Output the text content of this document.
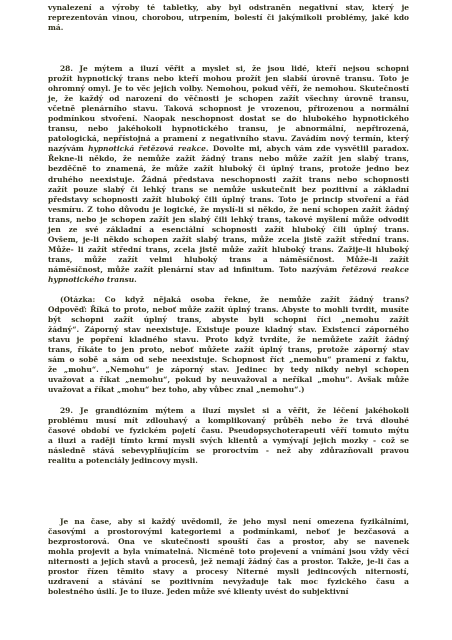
vynalezení a výroby té tabletky, aby byl odstraněn negativní stav, který je
reprezentován vinou, chorobou, utrpením, bolestí či jakýmikoli problémy, jaké kdo
má.
28. Je mýtem a iluzí věřit a myslet si, že jsou lidé, kteří nejsou schopni
prožít hypnotický trans nebo kteří mohou prožít jen slabší úrovně transu. Toto je
ohromný omyl. Je to věc jejich volby. Nemohou, pokud věří, že nemohou. Skutečností
je, že každý od narození do věčnosti je schopen zažít všechny úrovně transu,
včetně plenárního stavu. Taková schopnost je vrozenou, přirozenou a normální
podmínkou stvoření. Naopak neschopnost dostat se do hlubokého hypnotického
transu, nebo jakéhokoli hypnotického transu, je abnormální, nepřirozená,
patologická, nepřístojná a pramení z negativního stavu. Zavádím nový termín, který
nazývám hypnotická řetězová reakce. Dovolte mi, abych vám zde vysvětlil paradox.
Řekne-li někdo, že nemůže zažít žádný trans nebo může zažít jen slabý trans,
bezděčně to znamená, že může zažít hluboký či úplný trans, protože jedno bez
druhého neexistuje. Žádná představa neschopnosti zažít trans nebo schopnosti
zažít pouze slabý či lehký trans se nemůže uskutečnit bez pozitivní a základní
představy schopnosti zažít hluboký čili úplný trans. Toto je princip stvoření a řád
vesmíru. Z toho důvodu je logické, že myslí-li si někdo, že není schopen zažít žádný
trans, nebo je schopen zažít jen slabý čili lehký trans, takové myšlení může odvodit
jen ze své základní a esenciální schopnosti zažít hluboký čili úplný trans.
Ovšem, je-li někdo schopen zažít slabý trans, může zcela jistě zažít střední trans.
Může- li zažít střední trans, zcela jistě může zažít hluboký trans. Zažije-li hluboký
trans, může zažít velmi hluboký trans a náměsíčnost. Může-li zažít
náměsíčnost, může zažít plenární stav ad infinitum. Toto nazývám řetězová reakce
hypnotického transu.
(Otázka: Co když nějaká osoba řekne, že nemůže zažít žádný trans?
Odpověď: Říká to proto, neboť může zažít úplný trans. Abyste to mohli tvrdit, musíte
být schopni zažít úplný trans, abyste byli schopni říci „nemohu zažít
žádný“. Záporný stav neexistuje. Existuje pouze kladný stav. Existencí záporného
stavu je popření kladného stavu. Proto když tvrdíte, že nemůžete zažít žádný
trans, říkáte to jen proto, neboť můžete zažít úplný trans, protože záporný stav
sám o sobě a sám od sebe neexistuje. Schopnost říct „nemohu“ pramení z faktu,
že „mohu“. „Nemohu“ je záporný stav. Jedinec by tedy nikdy nebyl schopen
uvažovat a říkat „nemohu“, pokud by neuvažoval a neříkal „mohu“. Avšak může
uvažovat a říkat „mohu“ bez toho, aby vůbec znal „nemohu“.)
29. Je grandiózním mýtem a iluzí myslet si a věřit, že léčení jakéhokoli
problému musí mít zdlouhavý a komplikovaný průběh nebo že trvá dlouhé
časové období ve fyzickém pojetí času. Pseudopsychoterapeuti věří tomuto mýtu
a iluzi a raději tímto krmí mysli svých klientů a vymývají jejich mozky - což se
následně stává sebevyplňujícím se proroctvím - než aby zdůrazňovali pravou
realitu a potenciály jedincovy mysli.
Je na čase, aby si každý uvědomil, že jeho mysl není omezena fyzikálními,
časovými a prostorovými kategoriemi a podmínkami, neboť je bezčasová a
bezprostorová. Ona ve skutečnosti spouští čas a prostor, aby se navenek
mohla projevit a byla vnímatelná. Nicméně toto projevení a vnímání jsou vždy věcí
niternosti a jejích stavů a procesů, jež nemají žádný čas a prostor. Takže, je-li čas a
prostor řízen těmito stavy a procesy Niterné mysli jedincových niterností,
uzdravení a stávání se pozitivním nevyžaduje tak moc fyzického času a
bolestného úsilí. Je to iluze. Jeden může své klienty uvést do subjektivní
